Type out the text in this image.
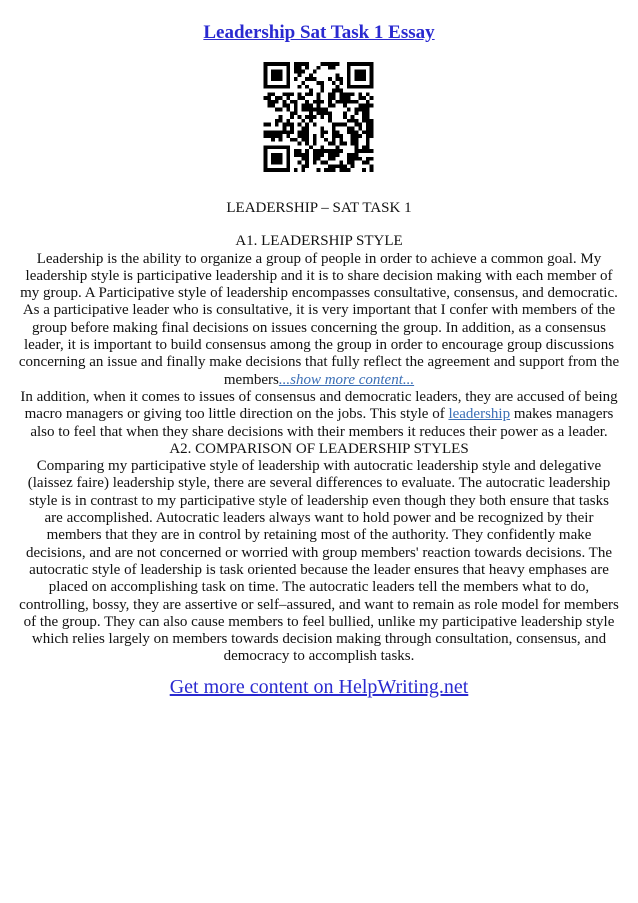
Leadership Sat Task 1 Essay
LEADERSHIP – SAT TASK 1
A1. LEADERSHIP STYLE
Leadership is the ability to organize a group of people in order to achieve a common goal. My
leadership style is participative leadership and it is to share decision making with each member of
my group. A Participative style of leadership encompasses consultative, consensus, and democratic.
As a participative leader who is consultative, it is very important that I confer with members of the
group before making final decisions on issues concerning the group. In addition, as a consensus
leader, it is important to build consensus among the group in order to encourage group discussions
concerning an issue and finally make decisions that fully reflect the agreement and support from the
members...show more content...
In addition, when it comes to issues of consensus and democratic leaders, they are accused of being
macro managers or giving too little direction on the jobs. This style of leadership makes managers
also to feel that when they share decisions with their members it reduces their power as a leader.
A2. COMPARISON OF LEADERSHIP STYLES
Comparing my participative style of leadership with autocratic leadership style and delegative
(laissez faire) leadership style, there are several differences to evaluate. The autocratic leadership
style is in contrast to my participative style of leadership even though they both ensure that tasks
are accomplished. Autocratic leaders always want to hold power and be recognized by their
members that they are in control by retaining most of the authority. They confidently make
decisions, and are not concerned or worried with group members' reaction towards decisions. The
autocratic style of leadership is task oriented because the leader ensures that heavy emphases are
placed on accomplishing task on time. The autocratic leaders tell the members what to do,
controlling, bossy, they are assertive or self–assured, and want to remain as role model for members
of the group. They can also cause members to feel bullied, unlike my participative leadership style
which relies largely on members towards decision making through consultation, consensus, and
democracy to accomplish tasks.
Get more content on HelpWriting.net
